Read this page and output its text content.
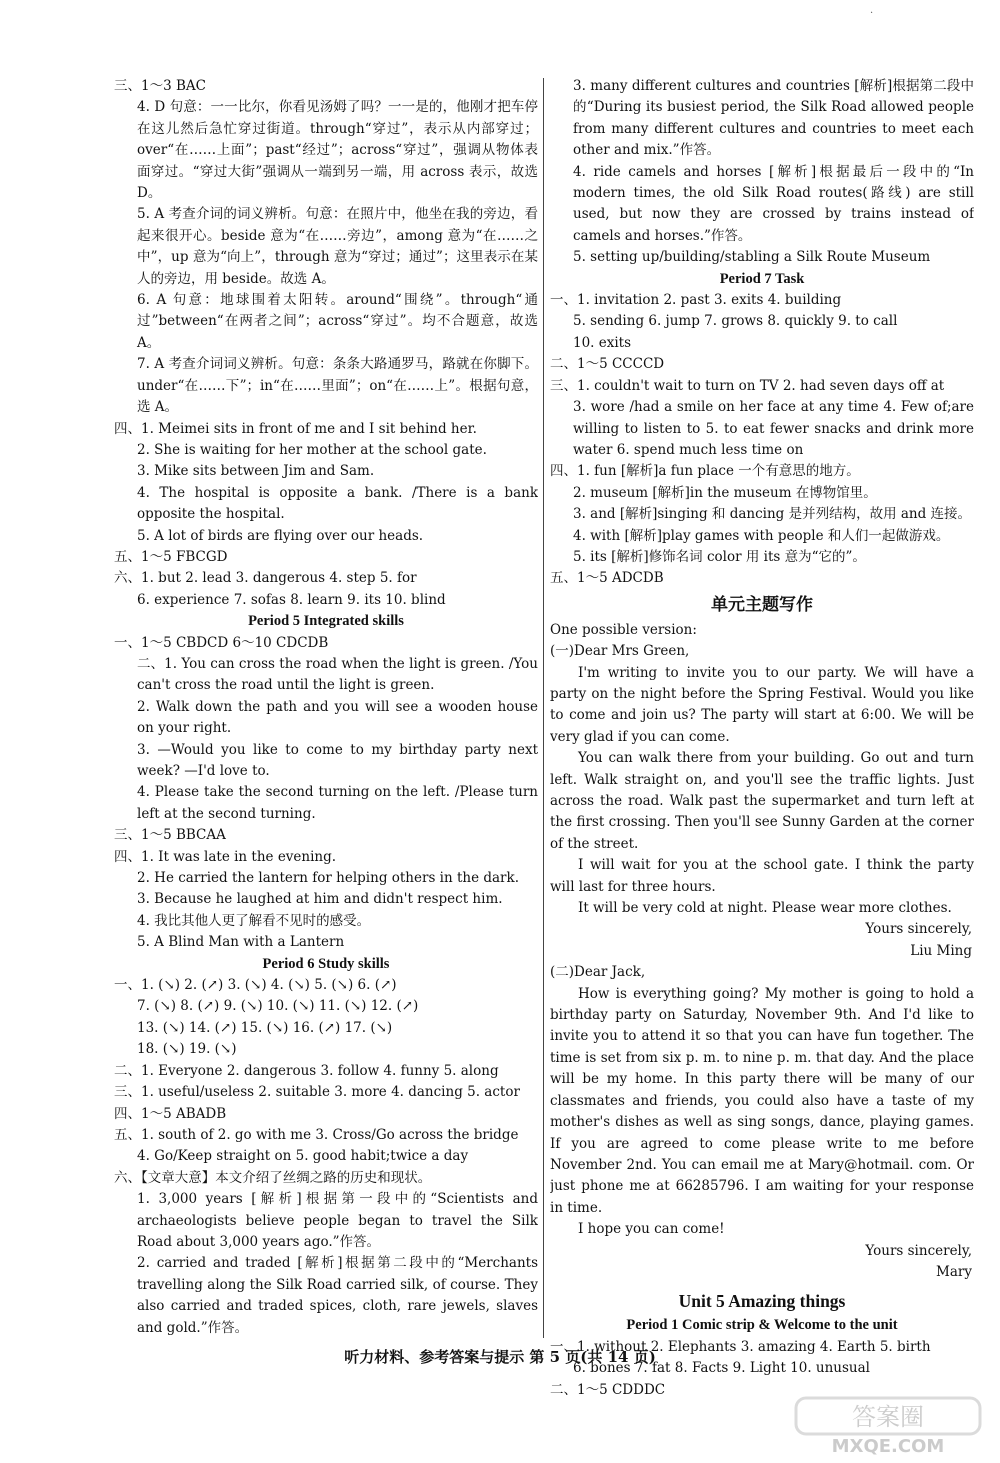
·
三、1～3 BAC
4. D 句意：一一比尔，你看见汤姆了吗？一一是的，他刚才把车停在这儿然后急忙穿过街道。through“穿过”，表示从内部穿过；over“在……上面”；past“经过”；across“穿过”，强调从物体表面穿过。“穿过大街”强调从一端到另一端，用 across 表示，故选 D。
5. A 考查介词的词义辨析。句意：在照片中，他坐在我的旁边，看起来很开心。beside 意为“在……旁边”，among 意为“在……之中”，up 意为“向上”，through 意为“穿过；通过”；这里表示在某人的旁边，用 beside。故选 A。
6. A 句意：地球围着太阳转。around“围绕”。through“通过”between“在两者之间”；across“穿过”。均不合题意，故选 A。
7. A 考查介词词义辨析。句意：条条大路通罗马，路就在你脚下。under“在……下”；in“在……里面”；on“在……上”。根据句意，选 A。
四、1. Meimei sits in front of me and I sit behind her.
2. She is waiting for her mother at the school gate.
3. Mike sits between Jim and Sam.
4. The hospital is opposite a bank. /There is a bank opposite the hospital.
5. A lot of birds are flying over our heads.
五、1～5 FBCGD
六、1. but 2. lead 3. dangerous 4. step 5. for
6. experience 7. sofas 8. learn 9. its 10. blind
Period 5 Integrated skills
一、1～5 CBDCD 6～10 CDCDB
二、1. You can cross the road when the light is green. /You can't cross the road until the light is green.
2. Walk down the path and you will see a wooden house on your right.
3. —Would you like to come to my birthday party next week? —I'd love to.
4. Please take the second turning on the left. /Please turn left at the second turning.
三、1～5 BBCAA
四、1. It was late in the evening.
2. He carried the lantern for helping others in the dark.
3. Because he laughed at him and didn't respect him.
4. 我比其他人更了解看不见时的感受。
5. A Blind Man with a Lantern
Period 6 Study skills
一、1. (↘) 2. (↗) 3. (↘) 4. (↘) 5. (↘) 6. (↗)
7. (↘) 8. (↗) 9. (↘) 10. (↘) 11. (↘) 12. (↗)
13. (↘) 14. (↗) 15. (↘) 16. (↗) 17. (↘)
18. (↘) 19. (↘)
二、1. Everyone 2. dangerous 3. follow 4. funny 5. along
三、1. useful/useless 2. suitable 3. more 4. dancing 5. actor
四、1～5 ABADB
五、1. south of 2. go with me 3. Cross/Go across the bridge
4. Go/Keep straight on 5. good habit;twice a day
六、【文章大意】本文介绍了丝绸之路的历史和现状。
1. 3,000 years [解析]根据第一段中的“Scientists and archaeologists believe people began to travel the Silk Road about 3,000 years ago.”作答。
2. carried and traded [解析]根据第二段中的“Merchants travelling along the Silk Road carried silk, of course. They also carried and traded spices, cloth, rare jewels, slaves and gold.”作答。
3. many different cultures and countries [解析]根据第二段中的“During its busiest period, the Silk Road allowed people from many different cultures and countries to meet each other and mix.”作答。
4. ride camels and horses [解析]根据最后一段中的“In modern times, the old Silk Road routes(路线) are still used, but now they are crossed by trains instead of camels and horses.”作答。
5. setting up/building/stabling a Silk Route Museum
Period 7 Task
一、1. invitation 2. past 3. exits 4. building
5. sending 6. jump 7. grows 8. quickly 9. to call
10. exits
二、1～5 CCCCD
三、1. couldn't wait to turn on TV 2. had seven days off at
3. wore /had a smile on her face at any time 4. Few of;are willing to listen to 5. to eat fewer snacks and drink more water 6. spend much less time on
四、1. fun [解析]a fun place 一个有意思的地方。
2. museum [解析]in the museum 在博物馆里。
3. and [解析]singing 和 dancing 是并列结构，故用 and 连接。
4. with [解析]play games with people 和人们一起做游戏。
5. its [解析]修饰名词 color 用 its 意为“它的”。
五、1～5 ADCDB
单元主题写作
One possible version:
(一)Dear Mrs Green,
I'm writing to invite you to our party. We will have a party on the night before the Spring Festival. Would you like to come and join us? The party will start at 6:00. We will be very glad if you can come.
You can walk there from your building. Go out and turn left. Walk straight on, and you'll see the traffic lights. Just across the road. Walk past the supermarket and turn left at the first crossing. Then you'll see Sunny Garden at the corner of the street.
I will wait for you at the school gate. I think the party will last for three hours.
It will be very cold at night. Please wear more clothes.
Yours sincerely,
Liu Ming
(二)Dear Jack,
How is everything going? My mother is going to hold a birthday party on Saturday, November 9th. And I'd like to invite you to attend it so that you can have fun together. The time is set from six p. m. to nine p. m. that day. And the place will be my home. In this party there will be many of our classmates and friends, you could also have a taste of my mother's dishes as well as sing songs, dance, playing games. If you are agreed to come please write to me before November 2nd. You can email me at Mary@hotmail. com. Or just phone me at 66285796. I am waiting for your response in time.
I hope you can come!
Yours sincerely,
Mary
Unit 5 Amazing things
Period 1 Comic strip & Welcome to the unit
一、1. without 2. Elephants 3. amazing 4. Earth 5. birth
6. bones 7. fat 8. Facts 9. Light 10. unusual
二、1～5 CDDDC
听力材料、参考答案与提示 第 5 页(共 14 页)
答案圈
MXQE.COM
